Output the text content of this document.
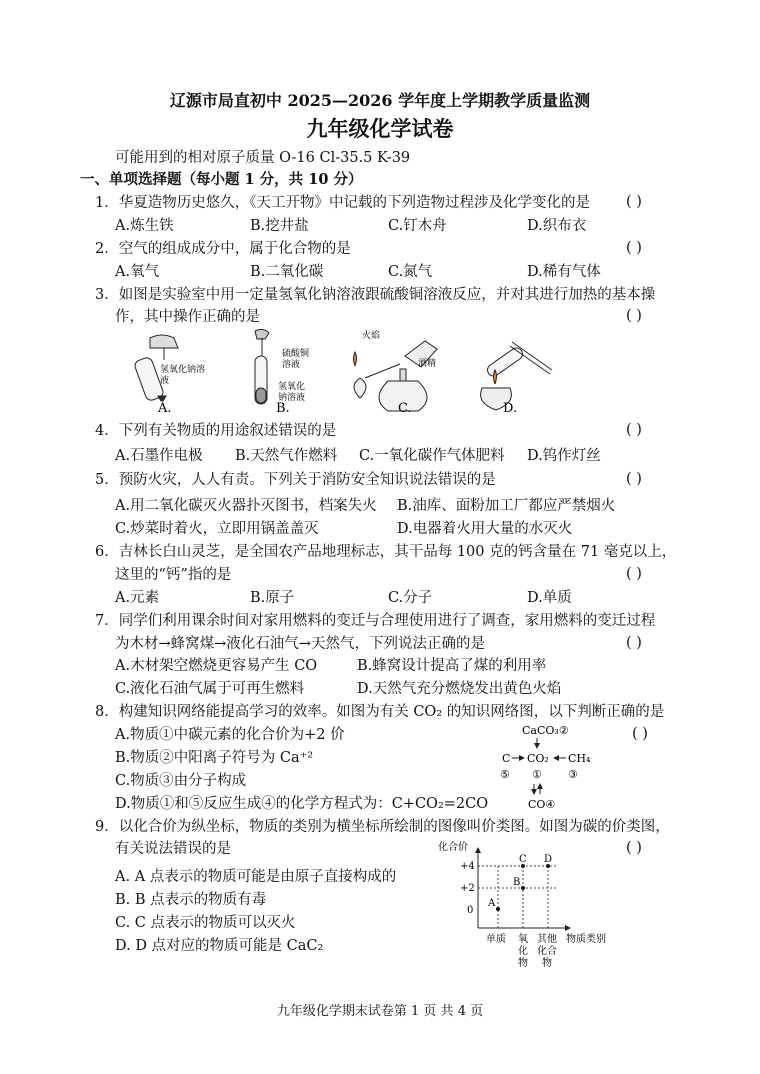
辽源市局直初中 2025—2026 学年度上学期教学质量监测
九年级化学试卷
可能用到的相对原子质量 O-16 Cl-35.5 K-39
一、单项选择题（每小题 1 分，共 10 分）
1．华夏造物历史悠久，《天工开物》中记载的下列造物过程涉及化学变化的是 ( )
A.炼生铁	B.挖井盐	C.钉木舟	D.织布衣
2．空气的组成成分中，属于化合物的是	( )
A.氧气	B.二氧化碳	C.氮气	D.稀有气体
3．如图是实验室中用一定量氢氧化钠溶液跟硫酸铜溶液反应，并对其进行加热的基本操
作，其中操作正确的是	( )
氢氧化钠溶
液
硫酸铜
溶液
氢氧化
钠溶液
火焰
酒精
A.	B.	C.	D.
4．下列有关物质的用途叙述错误的是	( )
A.石墨作电极 B.天然气作燃料 C.一氧化碳作气体肥料 D.钨作灯丝
5．预防火灾，人人有责。下列关于消防安全知识说法错误的是	( )
A.用二氧化碳灭火器扑灭图书，档案失火 B.油库、面粉加工厂都应严禁烟火
C.炒菜时着火，立即用锅盖盖灭	D.电器着火用大量的水灭火
6．吉林长白山灵芝，是全国农产品地理标志，其干品每 100 克的钙含量在 71 毫克以上，
这里的“钙”指的是	( )
A.元素	B.原子	C.分子	D.单质
7．同学们利用课余时间对家用燃料的变迁与合理使用进行了调查，家用燃料的变迁过程
为木材→蜂窝煤→液化石油气→天然气，下列说法正确的是	( )
A.木材架空燃烧更容易产生 CO	B.蜂窝设计提高了煤的利用率
C.液化石油气属于可再生燃料	D.天然气充分燃烧发出黄色火焰
8．构建知识网络能提高学习的效率。如图为有关 CO₂ 的知识网络图，以下判断正确的是
( )
A.物质①中碳元素的化合价为+2 价
B.物质②中阳离子符号为 Ca⁺²
C.物质③由分子构成
D.物质①和⑤反应生成④的化学方程式为：C+CO₂=2CO
CaCO₃②
C CO₂ CH₄
⑤ ① ③
CO④
9．以化合价为纵坐标，物质的类别为横坐标所绘制的图像叫价类图。如图为碳的价类图，
有关说法错误的是	( )
A. A 点表示的物质可能是由原子直接构成的
B. B 点表示的物质有毒
C. C 点表示的物质可以灭火
D. D 点对应的物质可能是 CaC₂
化合价
+4
+2
0
A
B
C D
单质 氧
化
物
其他
化合
物
物质类别
九年级化学期末试卷第 1 页 共 4 页
